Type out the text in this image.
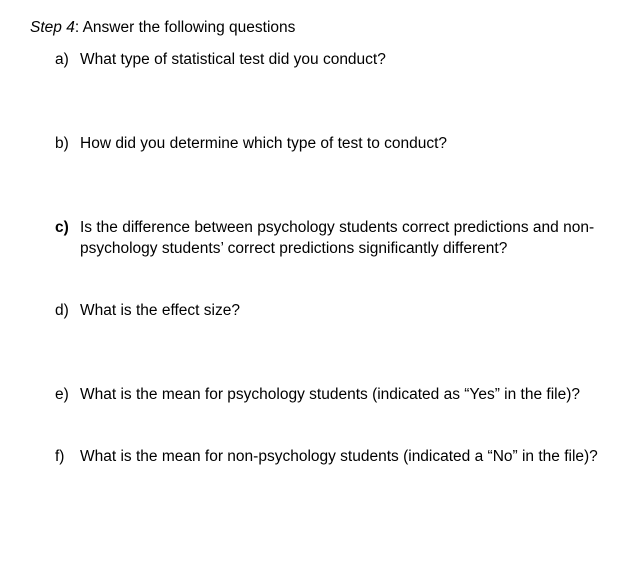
Step 4: Answer the following questions
a) What type of statistical test did you conduct?
b) How did you determine which type of test to conduct?
c) Is the difference between psychology students correct predictions and non-psychology students’ correct predictions significantly different?
d) What is the effect size?
e) What is the mean for psychology students (indicated as “Yes” in the file)?
f) What is the mean for non-psychology students (indicated a “No” in the file)?
